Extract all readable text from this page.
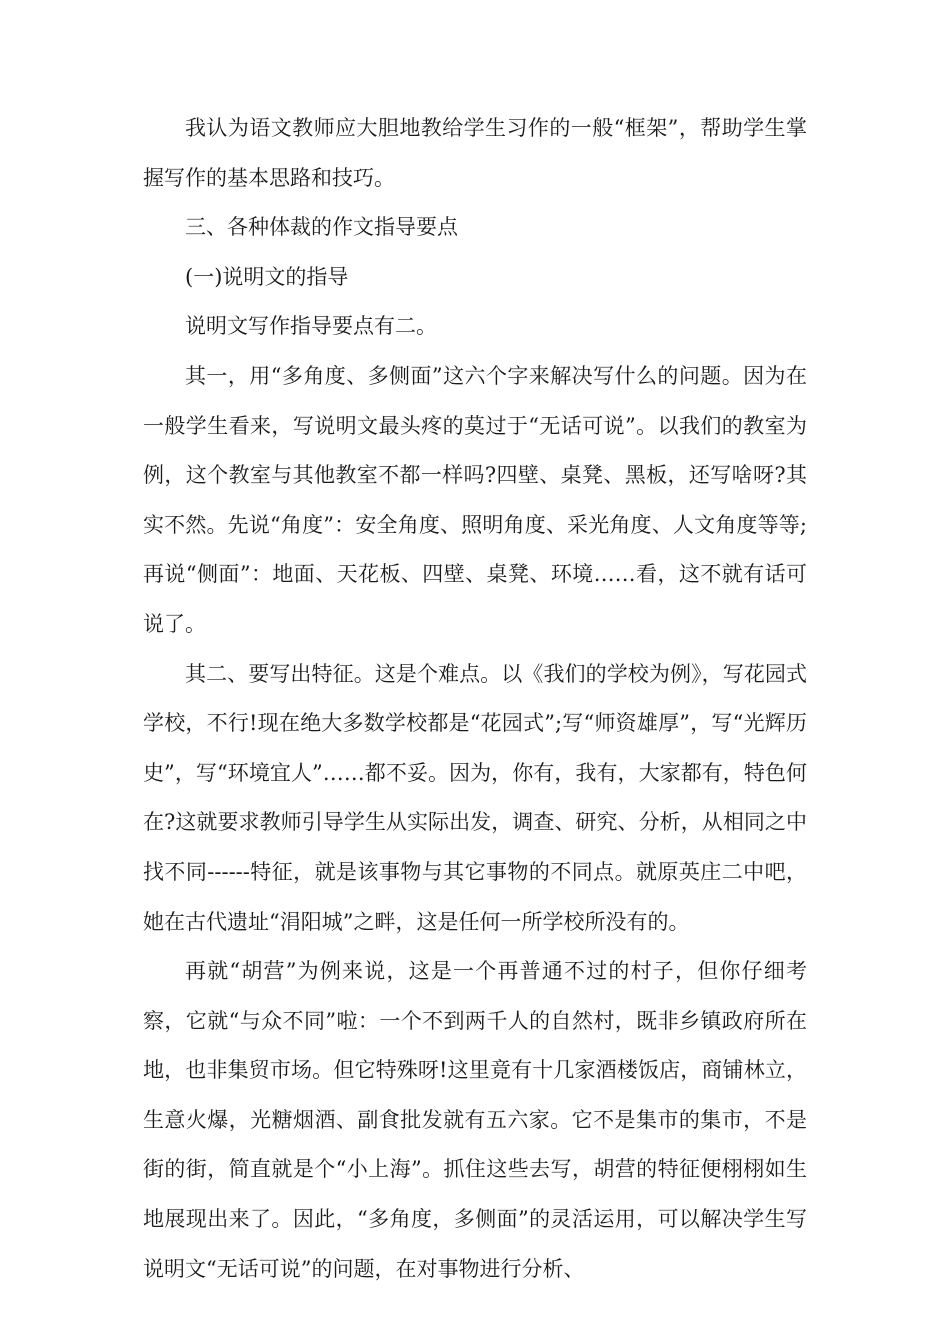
我认为语文教师应大胆地教给学生习作的一般“框架”，帮助学生掌握写作的基本思路和技巧。

三、各种体裁的作文指导要点

(一)说明文的指导

说明文写作指导要点有二。

其一，用“多角度、多侧面”这六个字来解决写什么的问题。因为在一般学生看来，写说明文最头疼的莫过于“无话可说”。以我们的教室为例，这个教室与其他教室不都一样吗?四壁、桌凳、黑板，还写啥呀?其实不然。先说“角度”：安全角度、照明角度、采光角度、人文角度等等;再说“侧面”：地面、天花板、四壁、桌凳、环境……看，这不就有话可说了。

其二、要写出特征。这是个难点。以《我们的学校为例》，写花园式学校，不行!现在绝大多数学校都是“花园式”;写“师资雄厚”，写“光辉历史”，写“环境宜人”……都不妥。因为，你有，我有，大家都有，特色何在?这就要求教师引导学生从实际出发，调查、研究、分析，从相同之中找不同------特征，就是该事物与其它事物的不同点。就原英庄二中吧，她在古代遗址“涓阳城”之畔，这是任何一所学校所没有的。

再就“胡营”为例来说，这是一个再普通不过的村子，但你仔细考察，它就“与众不同”啦：一个不到两千人的自然村，既非乡镇政府所在地，也非集贸市场。但它特殊呀!这里竟有十几家酒楼饭店，商铺林立，生意火爆，光糖烟酒、副食批发就有五六家。它不是集市的集市，不是街的街，简直就是个“小上海”。抓住这些去写，胡营的特征便栩栩如生地展现出来了。因此，“多角度，多侧面”的灵活运用，可以解决学生写说明文“无话可说”的问题，在对事物进行分析、
